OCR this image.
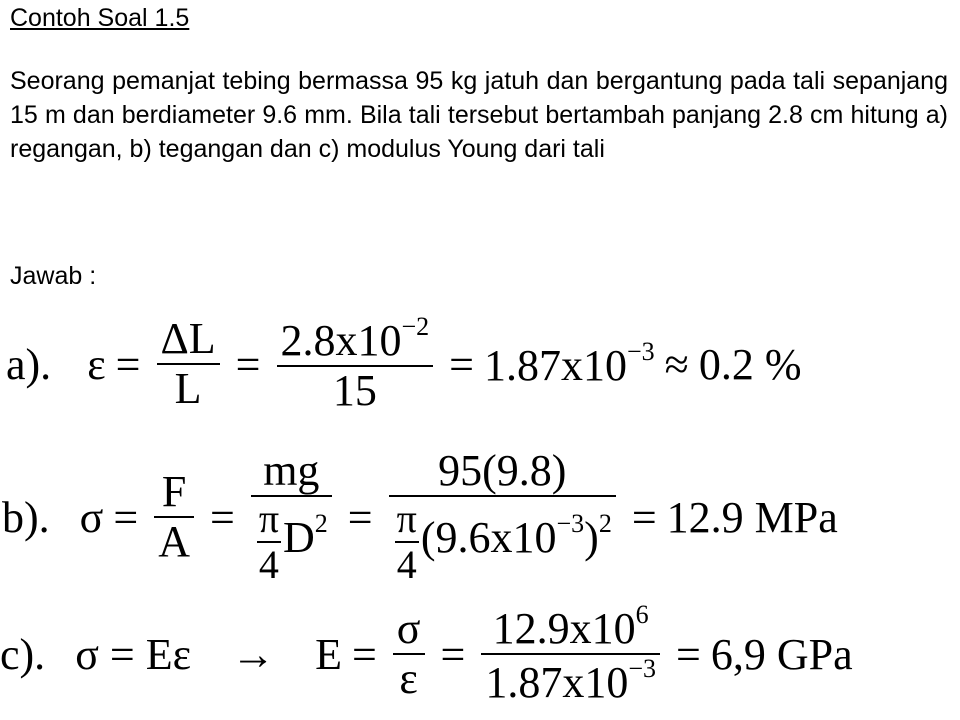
Contoh Soal 1.5

Seorang pemanjat tebing bermassa 95 kg jatuh dan bergantung pada tali sepanjang 15 m dan berdiameter 9.6 mm. Bila tali tersebut bertambah panjang 2.8 cm hitung a) regangan, b) tegangan dan c) modulus Young dari tali

Jawab :
a). $\varepsilon = \frac{\Delta L}{L} = \frac{2.8x10^{-2}}{15} = 1.87x10^{-3} \approx 0.2$ %
b). $\sigma = \frac{F}{A} = \frac{mg}{\frac{\pi}{4} D^2} = \frac{95(9.8)}{\frac{\pi}{4} (9.6x10^{-3})^2} = 12.9$ MPa
c). $\sigma = E\varepsilon \to E = \frac{\sigma}{\varepsilon} = \frac{12.9x10^6}{1.87x10^{-3}} = 6,9$ GPa
